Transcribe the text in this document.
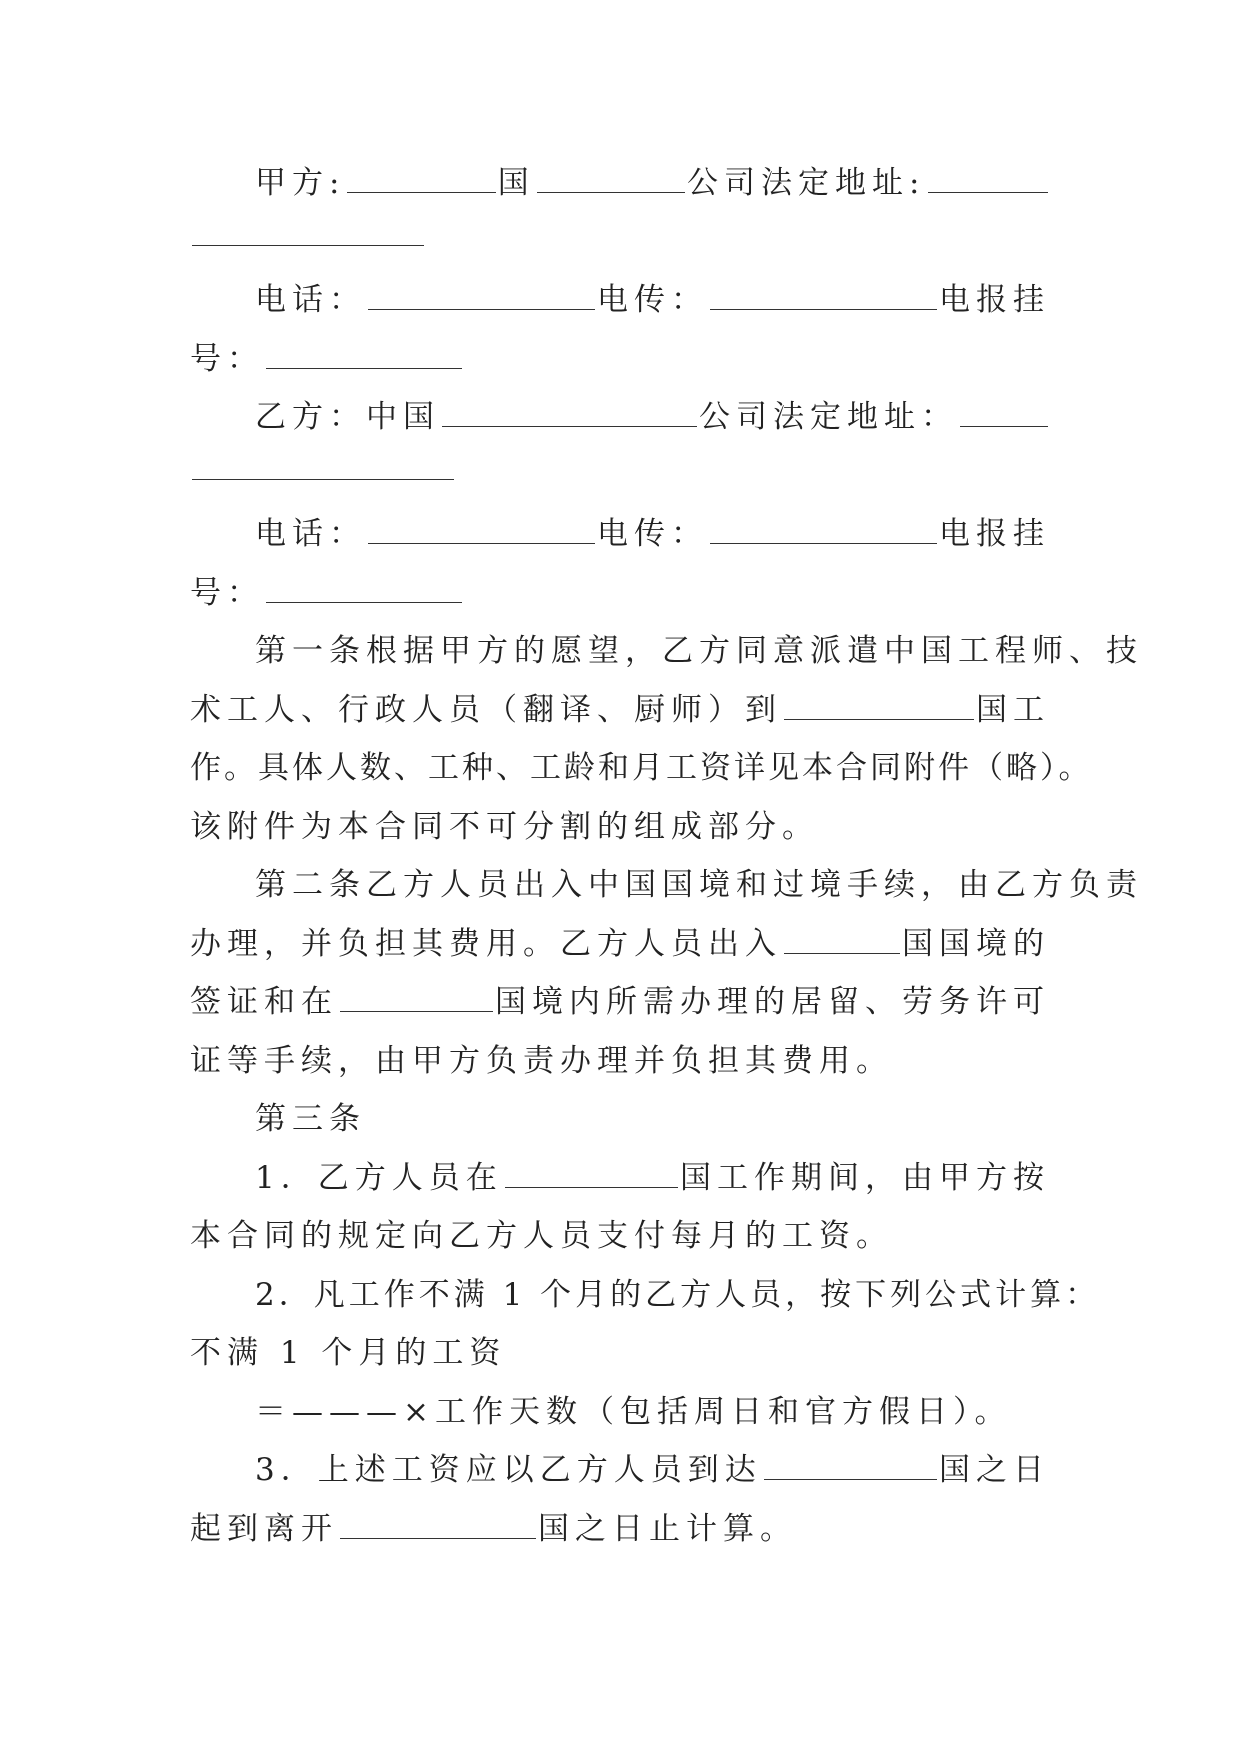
甲方:	国	公司法定地址:
电话：	电传：	电报挂
号：
乙方：中国	公司法定地址：
电话：	电传：	电报挂
号：
第一条根据甲方的愿望，乙方同意派遣中国工程师、技
术工人、行政人员（翻译、厨师）到	国工
作。具体人数、工种、工龄和月工资详见本合同附件（略）。
该附件为本合同不可分割的组成部分。
第二条乙方人员出入中国国境和过境手续，由乙方负责
办理，并负担其费用。乙方人员出入	国国境的
签证和在	国境内所需办理的居留、劳务许可
证等手续，由甲方负责办理并负担其费用。
第三条
1．乙方人员在	国工作期间，由甲方按
本合同的规定向乙方人员支付每月的工资。
2．凡工作不满 1 个月的乙方人员，按下列公式计算：
不满 1 个月的工资
＝———×工作天数（包括周日和官方假日）。
3．上述工资应以乙方人员到达	国之日
起到离开	国之日止计算。
